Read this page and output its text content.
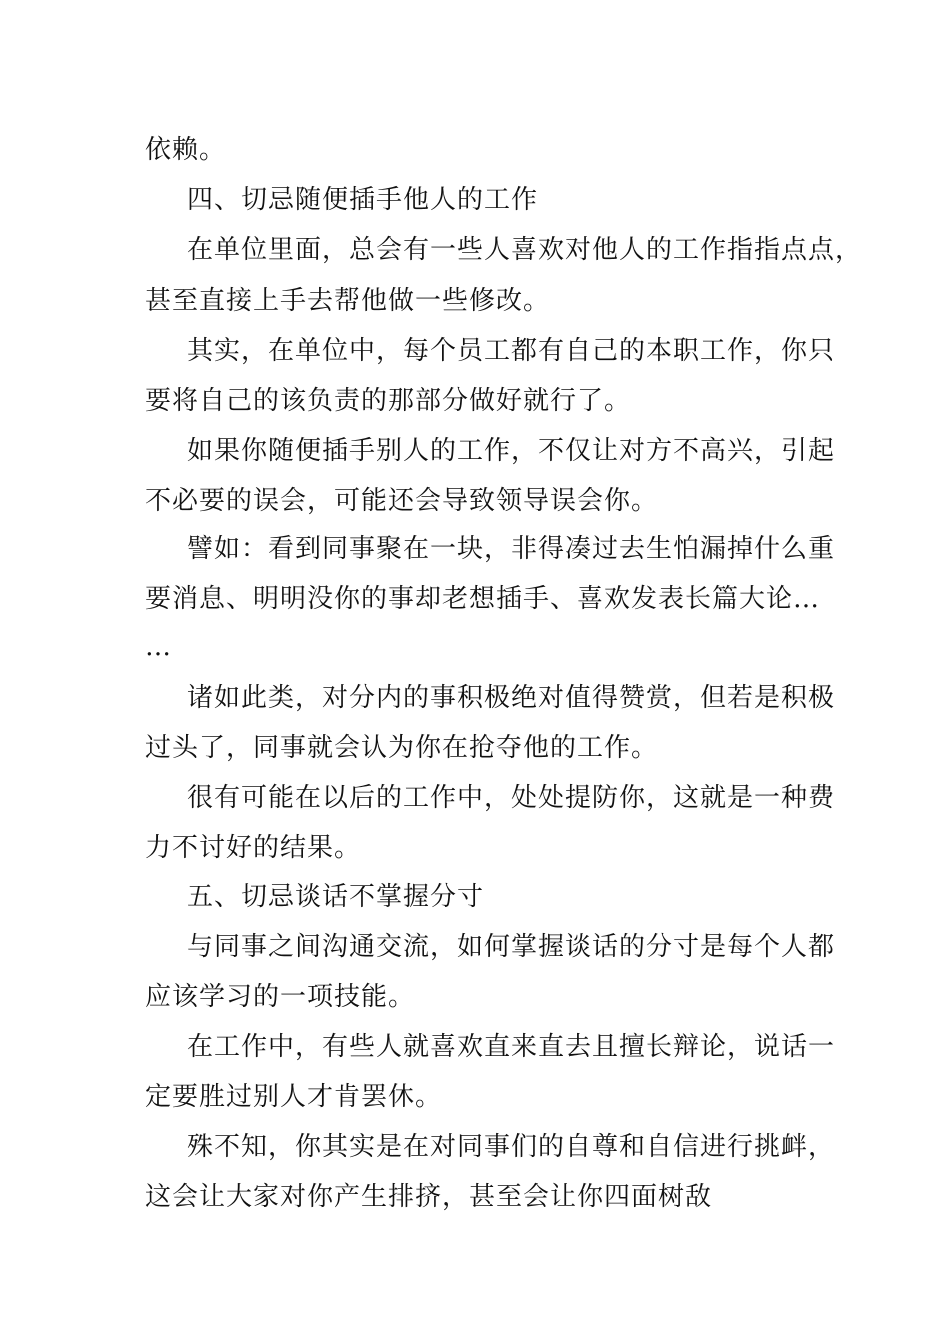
依赖。

四、切忌随便插手他人的工作

在单位里面，总会有一些人喜欢对他人的工作指指点点，

甚至直接上手去帮他做一些修改。

其实，在单位中，每个员工都有自己的本职工作，你只

要将自己的该负责的那部分做好就行了。

如果你随便插手别人的工作，不仅让对方不高兴，引起

不必要的误会，可能还会导致领导误会你。

譬如：看到同事聚在一块，非得凑过去生怕漏掉什么重

要消息、明明没你的事却老想插手、喜欢发表长篇大论…

…

诸如此类，对分内的事积极绝对值得赞赏，但若是积极

过头了，同事就会认为你在抢夺他的工作。

很有可能在以后的工作中，处处提防你，这就是一种费

力不讨好的结果。

五、切忌谈话不掌握分寸

与同事之间沟通交流，如何掌握谈话的分寸是每个人都

应该学习的一项技能。

在工作中，有些人就喜欢直来直去且擅长辩论，说话一

定要胜过别人才肯罢休。

殊不知，你其实是在对同事们的自尊和自信进行挑衅，

这会让大家对你产生排挤，甚至会让你四面树敌
